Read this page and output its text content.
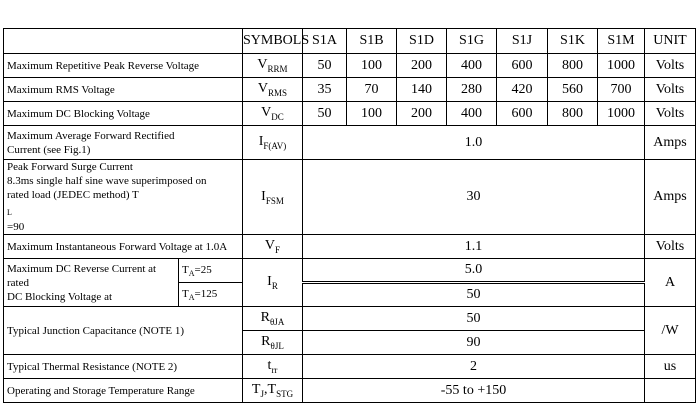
		SYMBOLS	S1A	S1B	S1D	S1G	S1J	S1K	S1M	UNIT
Maximum Repetitive Peak Reverse Voltage		$V_{RRM}$	50	100	200	400	600	800	1000	Volts
Maximum RMS Voltage		$V_{RMS}$	35	70	140	280	420	560	700	Volts
Maximum DC Blocking Voltage		$V_{DC}$	50	100	200	400	600	800	1000	Volts

Maximum Average Forward Rectified
Current (see Fig.1)		$I_{F(AV)}$	1.0							Amps

Peak Forward Surge Current
8.3ms single half sine wave superimposed on
rated load (JEDEC method) T
$_L$
=90		$I_{FSM}$	30							Amps
Maximum Instantaneous Forward Voltage at 1.0A		$V_F$	1.1							Volts

Maximum DC Reverse Current at rated
DC Blocking Voltage at	$T_A=25$	$I_R$	5.0							A
	$T_A=125$		50							
Typical Junction Capacitance (NOTE 1)		$R_{\theta JA}$	50							/W
		$R_{\theta JL}$	90							
Typical Thermal Resistance (NOTE 2)		$t_{rr}$	2							us
Operating and Storage Temperature Range		$T_J,T_{STG}$	-55 to +150							
